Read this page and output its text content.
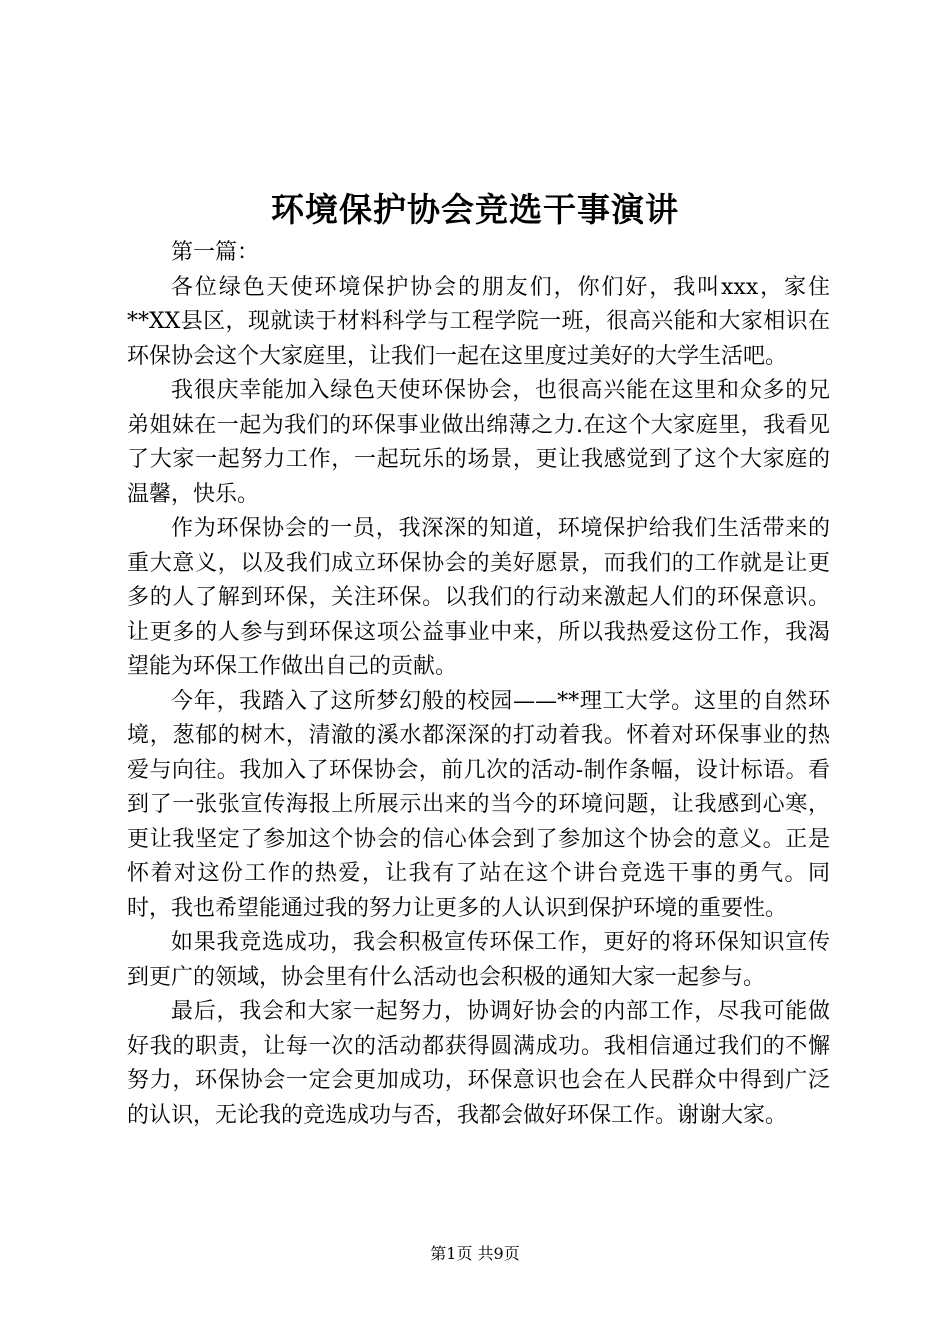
环境保护协会竞选干事演讲
第一篇：

各位绿色天使环境保护协会的朋友们，你们好，我叫xxx，家住**XX县区，现就读于材料科学与工程学院一班，很高兴能和大家相识在环保协会这个大家庭里，让我们一起在这里度过美好的大学生活吧。

我很庆幸能加入绿色天使环保协会，也很高兴能在这里和众多的兄弟姐妹在一起为我们的环保事业做出绵薄之力.在这个大家庭里，我看见了大家一起努力工作，一起玩乐的场景，更让我感觉到了这个大家庭的温馨，快乐。

作为环保协会的一员，我深深的知道，环境保护给我们生活带来的重大意义，以及我们成立环保协会的美好愿景，而我们的工作就是让更多的人了解到环保，关注环保。以我们的行动来激起人们的环保意识。让更多的人参与到环保这项公益事业中来，所以我热爱这份工作，我渴望能为环保工作做出自己的贡献。

今年，我踏入了这所梦幻般的校园——**理工大学。这里的自然环境，葱郁的树木，清澈的溪水都深深的打动着我。怀着对环保事业的热爱与向往。我加入了环保协会，前几次的活动-制作条幅，设计标语。看到了一张张宣传海报上所展示出来的当今的环境问题，让我感到心寒，更让我坚定了参加这个协会的信心体会到了参加这个协会的意义。正是怀着对这份工作的热爱，让我有了站在这个讲台竞选干事的勇气。同时，我也希望能通过我的努力让更多的人认识到保护环境的重要性。

如果我竞选成功，我会积极宣传环保工作，更好的将环保知识宣传到更广的领域，协会里有什么活动也会积极的通知大家一起参与。

最后，我会和大家一起努力，协调好协会的内部工作，尽我可能做好我的职责，让每一次的活动都获得圆满成功。我相信通过我们的不懈努力，环保协会一定会更加成功，环保意识也会在人民群众中得到广泛的认识，无论我的竞选成功与否，我都会做好环保工作。谢谢大家。

第1页 共9页
